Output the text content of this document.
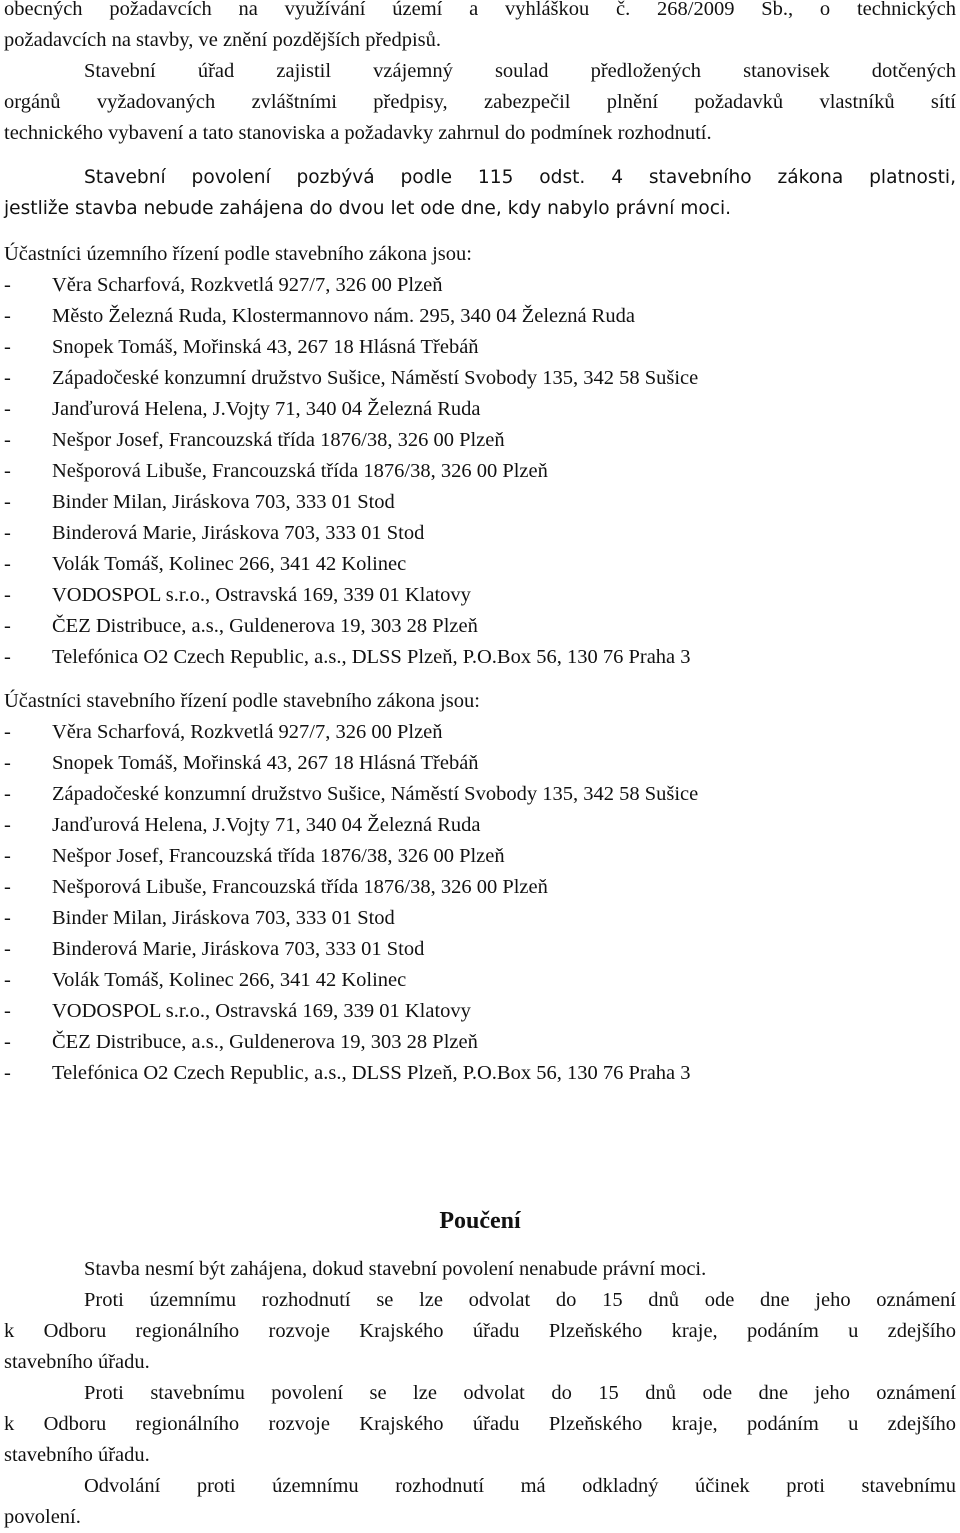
obecných požadavcích na využívání území a vyhláškou č. 268/2009 Sb., o technických
požadavcích na stavby, ve znění pozdějších předpisů.
Stavební úřad zajistil vzájemný soulad předložených stanovisek dotčených
orgánů vyžadovaných zvláštními předpisy, zabezpečil plnění požadavků vlastníků sítí
technického vybavení a tato stanoviska a požadavky zahrnul do podmínek rozhodnutí.
Stavební povolení pozbývá podle 115 odst. 4 stavebního zákona platnosti,
jestliže stavba nebude zahájena do dvou let ode dne, kdy nabylo právní moci.
Účastníci územního řízení podle stavebního zákona jsou:
- Věra Scharfová, Rozkvetlá 927/7, 326 00 Plzeň
- Město Železná Ruda, Klostermannovo nám. 295, 340 04 Železná Ruda
- Snopek Tomáš, Mořinská 43, 267 18 Hlásná Třebáň
- Západočeské konzumní družstvo Sušice, Náměstí Svobody 135, 342 58 Sušice
- Janďurová Helena, J.Vojty 71, 340 04 Železná Ruda
- Nešpor Josef, Francouzská třída 1876/38, 326 00 Plzeň
- Nešporová Libuše, Francouzská třída 1876/38, 326 00 Plzeň
- Binder Milan, Jiráskova 703, 333 01 Stod
- Binderová Marie, Jiráskova 703, 333 01 Stod
- Volák Tomáš, Kolinec 266, 341 42 Kolinec
- VODOSPOL s.r.o., Ostravská 169, 339 01 Klatovy
- ČEZ Distribuce, a.s., Guldenerova 19, 303 28 Plzeň
- Telefónica O2 Czech Republic, a.s., DLSS Plzeň, P.O.Box 56, 130 76 Praha 3
Účastníci stavebního řízení podle stavebního zákona jsou:
- Věra Scharfová, Rozkvetlá 927/7, 326 00 Plzeň
- Snopek Tomáš, Mořinská 43, 267 18 Hlásná Třebáň
- Západočeské konzumní družstvo Sušice, Náměstí Svobody 135, 342 58 Sušice
- Janďurová Helena, J.Vojty 71, 340 04 Železná Ruda
- Nešpor Josef, Francouzská třída 1876/38, 326 00 Plzeň
- Nešporová Libuše, Francouzská třída 1876/38, 326 00 Plzeň
- Binder Milan, Jiráskova 703, 333 01 Stod
- Binderová Marie, Jiráskova 703, 333 01 Stod
- Volák Tomáš, Kolinec 266, 341 42 Kolinec
- VODOSPOL s.r.o., Ostravská 169, 339 01 Klatovy
- ČEZ Distribuce, a.s., Guldenerova 19, 303 28 Plzeň
- Telefónica O2 Czech Republic, a.s., DLSS Plzeň, P.O.Box 56, 130 76 Praha 3
Poučení
Stavba nesmí být zahájena, dokud stavební povolení nenabude právní moci.
Proti územnímu rozhodnutí se lze odvolat do 15 dnů ode dne jeho oznámení
k Odboru regionálního rozvoje Krajského úřadu Plzeňského kraje, podáním u zdejšího
stavebního úřadu.
Proti stavebnímu povolení se lze odvolat do 15 dnů ode dne jeho oznámení
k Odboru regionálního rozvoje Krajského úřadu Plzeňského kraje, podáním u zdejšího
stavebního úřadu.
Odvolání proti územnímu rozhodnutí má odkladný účinek proti stavebnímu
povolení.
